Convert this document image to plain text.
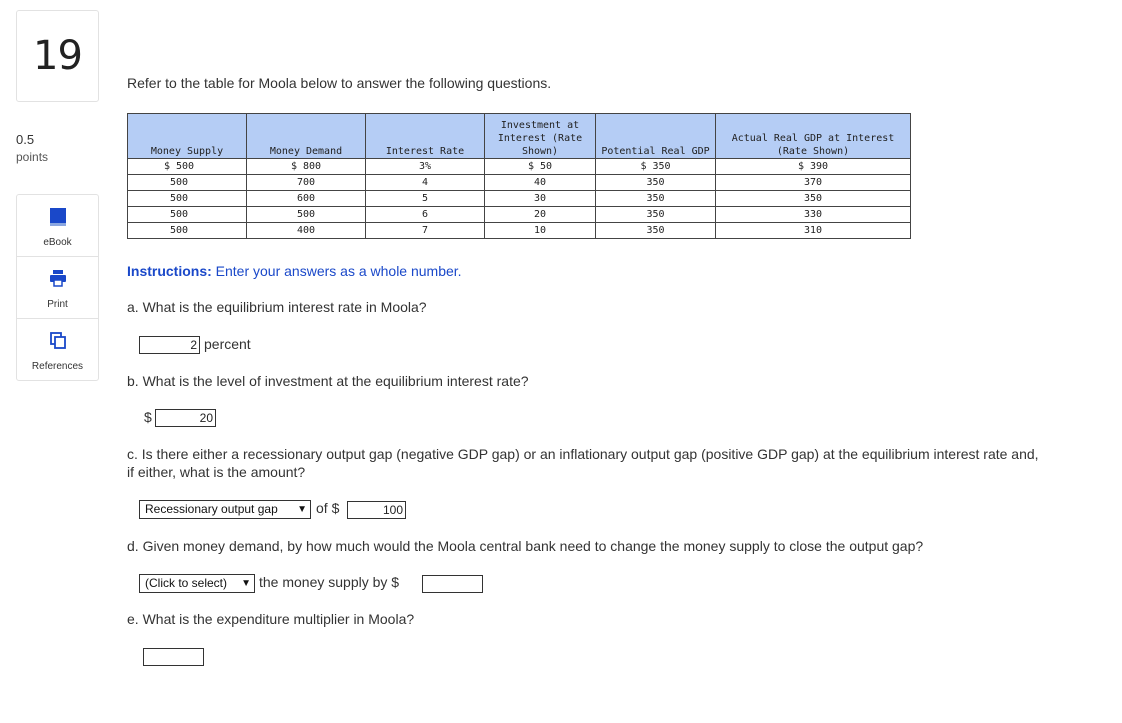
19
0.5
points
eBook
Print
References
Refer to the table for Moola below to answer the following questions.
Money Supply	Money Demand	Interest Rate	Investment at Interest (Rate Shown)	Potential Real GDP	Actual Real GDP at Interest (Rate Shown)
$ 500	$ 800	3%	$ 50	$ 350	$ 390
500	700	4	40	350	370
500	600	5	30	350	350
500	500	6	20	350	330
500	400	7	10	350	310
Instructions: Enter your answers as a whole number.
a. What is the equilibrium interest rate in Moola?
2 percent
b. What is the level of investment at the equilibrium interest rate?
$	20
c. Is there either a recessionary output gap (negative GDP gap) or an inflationary output gap (positive GDP gap) at the equilibrium interest rate and, if either, what is the amount?
Recessionary output gap ▼ of $	100
d. Given money demand, by how much would the Moola central bank need to change the money supply to close the output gap?
(Click to select) ▼ the money supply by $
e. What is the expenditure multiplier in Moola?
